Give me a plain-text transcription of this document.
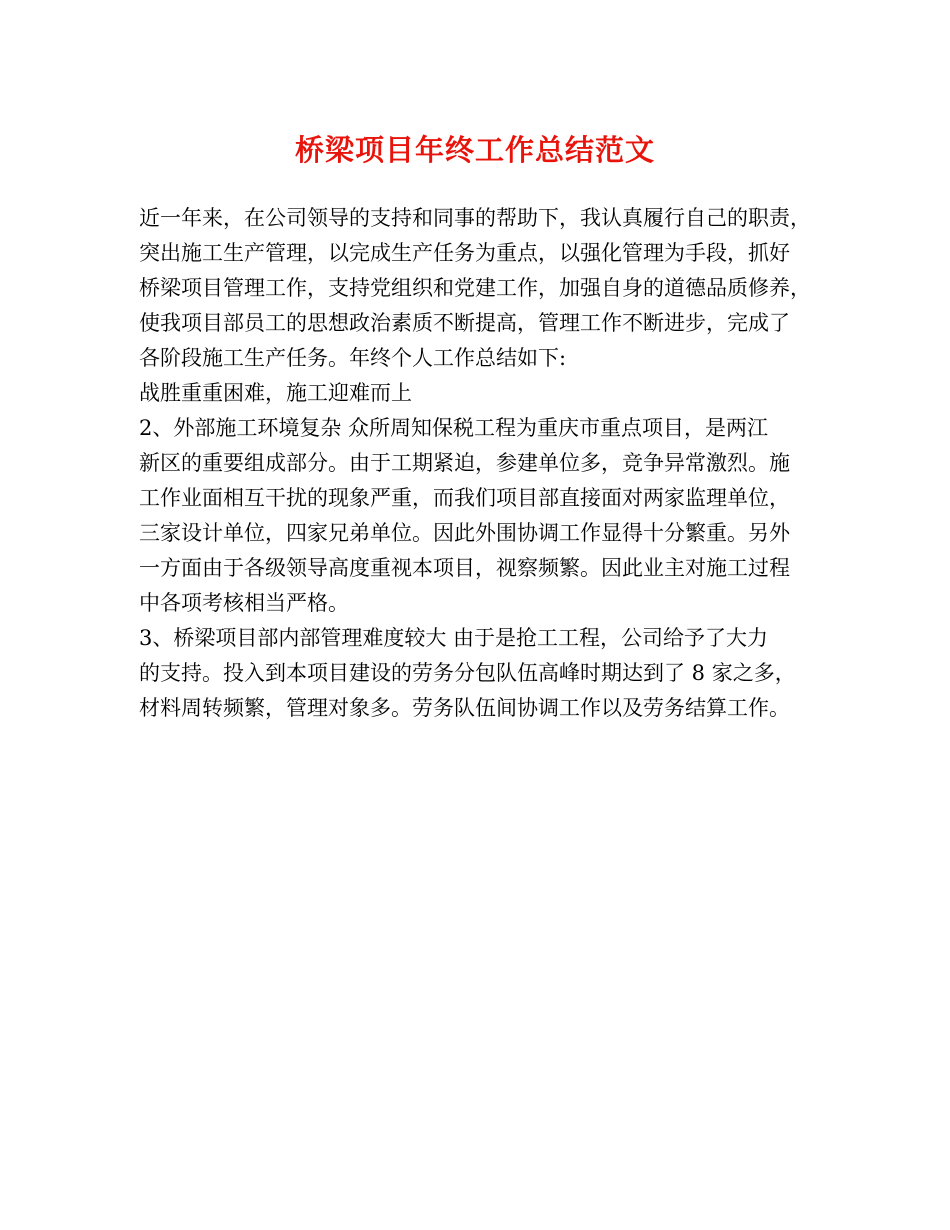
桥梁项目年终工作总结范文
近一年来，在公司领导的支持和同事的帮助下，我认真履行自己的职责，
突出施工生产管理，以完成生产任务为重点，以强化管理为手段，抓好
桥梁项目管理工作，支持党组织和党建工作，加强自身的道德品质修养，
使我项目部员工的思想政治素质不断提高，管理工作不断进步，完成了
各阶段施工生产任务。年终个人工作总结如下:
战胜重重困难，施工迎难而上
2、外部施工环境复杂 众所周知保税工程为重庆市重点项目，是两江
新区的重要组成部分。由于工期紧迫，参建单位多，竞争异常激烈。施
工作业面相互干扰的现象严重，而我们项目部直接面对两家监理单位，
三家设计单位，四家兄弟单位。因此外围协调工作显得十分繁重。另外
一方面由于各级领导高度重视本项目，视察频繁。因此业主对施工过程
中各项考核相当严格。
3、桥梁项目部内部管理难度较大 由于是抢工工程，公司给予了大力
的支持。投入到本项目建设的劳务分包队伍高峰时期达到了 8 家之多，
材料周转频繁，管理对象多。劳务队伍间协调工作以及劳务结算工作。
